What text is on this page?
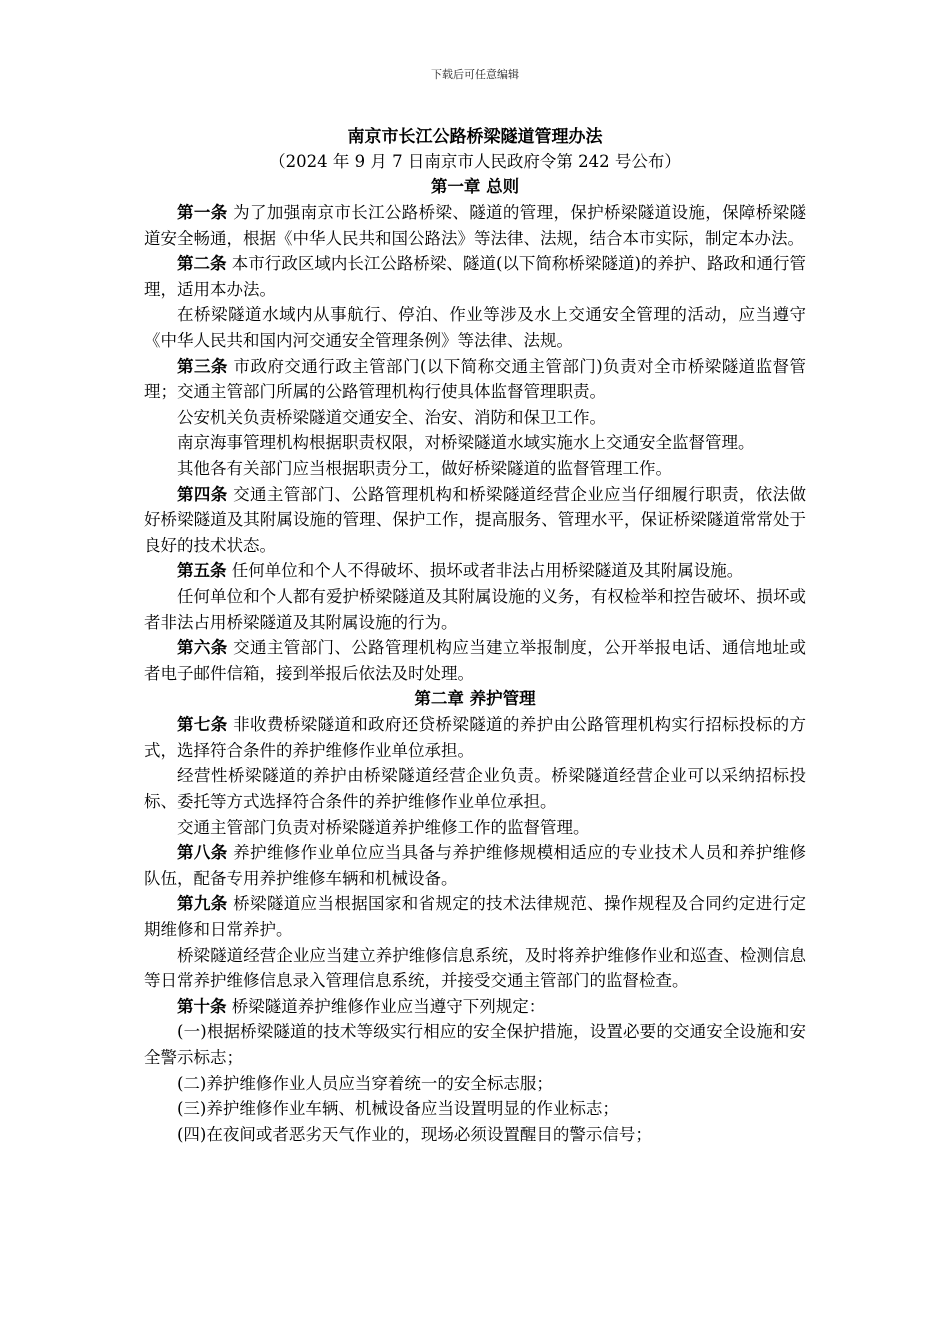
下载后可任意编辑
南京市长江公路桥梁隧道管理办法
（2024 年 9 月 7 日南京市人民政府令第 242 号公布）
第一章 总则

第一条 为了加强南京市长江公路桥梁、隧道的管理，保护桥梁隧道设施，保障桥梁隧道安全畅通，根据《中华人民共和国公路法》等法律、法规，结合本市实际，制定本办法。

第二条 本市行政区域内长江公路桥梁、隧道(以下简称桥梁隧道)的养护、路政和通行管理，适用本办法。

在桥梁隧道水域内从事航行、停泊、作业等涉及水上交通安全管理的活动，应当遵守《中华人民共和国内河交通安全管理条例》等法律、法规。

第三条 市政府交通行政主管部门(以下简称交通主管部门)负责对全市桥梁隧道监督管理；交通主管部门所属的公路管理机构行使具体监督管理职责。

公安机关负责桥梁隧道交通安全、治安、消防和保卫工作。

南京海事管理机构根据职责权限，对桥梁隧道水域实施水上交通安全监督管理。

其他各有关部门应当根据职责分工，做好桥梁隧道的监督管理工作。

第四条 交通主管部门、公路管理机构和桥梁隧道经营企业应当仔细履行职责，依法做好桥梁隧道及其附属设施的管理、保护工作，提高服务、管理水平，保证桥梁隧道常常处于良好的技术状态。

第五条 任何单位和个人不得破坏、损坏或者非法占用桥梁隧道及其附属设施。

任何单位和个人都有爱护桥梁隧道及其附属设施的义务，有权检举和控告破坏、损坏或者非法占用桥梁隧道及其附属设施的行为。

第六条 交通主管部门、公路管理机构应当建立举报制度，公开举报电话、通信地址或者电子邮件信箱，接到举报后依法及时处理。

第二章 养护管理

第七条 非收费桥梁隧道和政府还贷桥梁隧道的养护由公路管理机构实行招标投标的方式，选择符合条件的养护维修作业单位承担。

经营性桥梁隧道的养护由桥梁隧道经营企业负责。桥梁隧道经营企业可以采纳招标投标、委托等方式选择符合条件的养护维修作业单位承担。

交通主管部门负责对桥梁隧道养护维修工作的监督管理。

第八条 养护维修作业单位应当具备与养护维修规模相适应的专业技术人员和养护维修队伍，配备专用养护维修车辆和机械设备。

第九条 桥梁隧道应当根据国家和省规定的技术法律规范、操作规程及合同约定进行定期维修和日常养护。

桥梁隧道经营企业应当建立养护维修信息系统，及时将养护维修作业和巡查、检测信息等日常养护维修信息录入管理信息系统，并接受交通主管部门的监督检查。

第十条 桥梁隧道养护维修作业应当遵守下列规定：

(一)根据桥梁隧道的技术等级实行相应的安全保护措施，设置必要的交通安全设施和安全警示标志；

(二)养护维修作业人员应当穿着统一的安全标志服；

(三)养护维修作业车辆、机械设备应当设置明显的作业标志；

(四)在夜间或者恶劣天气作业的，现场必须设置醒目的警示信号；
